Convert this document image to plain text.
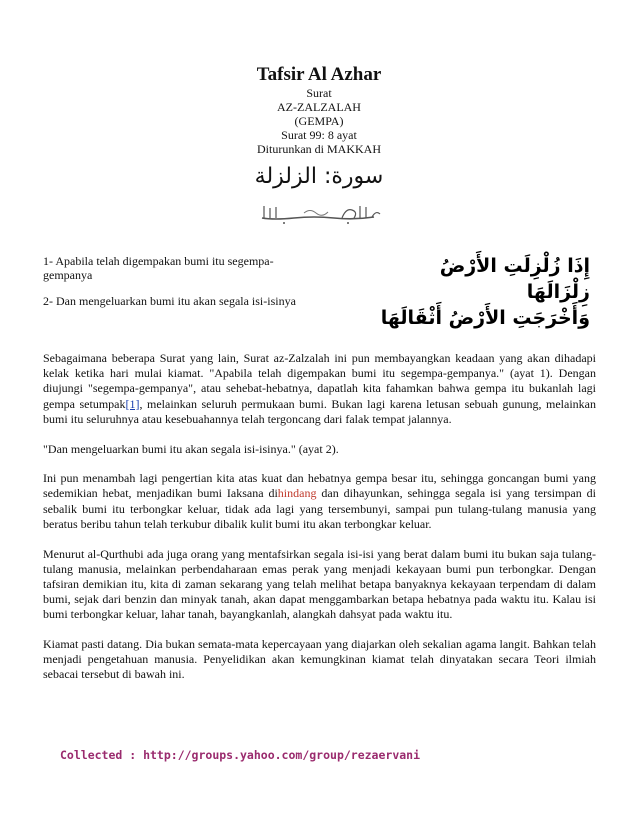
Tafsir Al Azhar
Surat
AZ-ZALZALAH
(GEMPA)
Surat 99: 8 ayat
Diturunkan di MAKKAH
سورة: الزلزلة
1- Apabila telah digempakan bumi itu segempa-gempanya
2- Dan mengeluarkan bumi itu akan segala isi-isinya
إِذَا زُلْزِلَتِ الأَرْضُ زِلْزَالَهَا
وَأَخْرَجَتِ الأَرْضُ أَثْقَالَهَا

Sebagaimana beberapa Surat yang lain, Surat az-Zalzalah ini pun membayangkan keadaan yang akan dihadapi kelak ketika hari mulai kiamat. "Apabila telah digempakan bumi itu segempa-gempanya." (ayat 1). Dengan diujungi "segempa-gempanya", atau sehebat-hebatnya, dapatlah kita fahamkan bahwa gempa itu bukanlah lagi gempa setumpak[1], melainkan seluruh permukaan bumi. Bukan lagi karena letusan sebuah gunung, melainkan bumi itu seluruhnya atau kesebuahannya telah tergoncang dari falak tempat jalannya.

"Dan mengeluarkan bumi itu akan segala isi-isinya." (ayat 2).

Ini pun menambah lagi pengertian kita atas kuat dan hebatnya gempa besar itu, sehingga goncangan bumi yang sedemikian hebat, menjadikan bumi Iaksana dihindang dan dihayunkan, sehingga segala isi yang tersimpan di sebalik bumi itu terbongkar keluar, tidak ada lagi yang tersembunyi, sampai pun tulang-tulang manusia yang beratus beribu tahun telah terkubur dibalik kulit bumi itu akan terbongkar keluar.

Menurut al-Qurthubi ada juga orang yang mentafsirkan segala isi-isi yang berat dalam bumi itu bukan saja tulang-tulang manusia, melainkan perbendaharaan emas perak yang menjadi kekayaan bumi pun terbongkar. Dengan tafsiran demikian itu, kita di zaman sekarang yang telah melihat betapa banyaknya kekayaan terpendam di dalam bumi, sejak dari benzin dan minyak tanah, akan dapat menggambarkan betapa hebatnya pada waktu itu. Kalau isi bumi terbongkar keluar, lahar tanah, bayangkanlah, alangkah dahsyat pada waktu itu.

Kiamat pasti datang. Dia bukan semata-mata kepercayaan yang diajarkan oleh sekalian agama langit. Bahkan telah menjadi pengetahuan manusia. Penyelidikan akan kemungkinan kiamat telah dinyatakan secara Teori ilmiah sebacai tersebut di bawah ini.

Collected : http://groups.yahoo.com/group/rezaervani
